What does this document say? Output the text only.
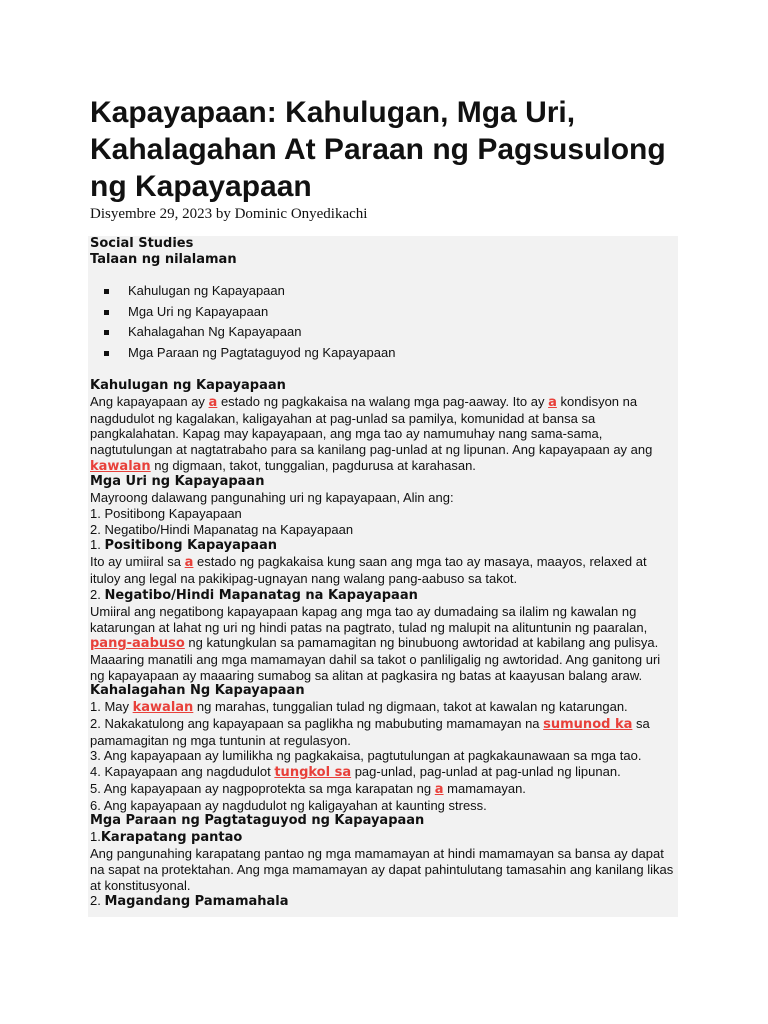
Kapayapaan: Kahulugan, Mga Uri, Kahalagahan At Paraan ng Pagsusulong ng Kapayapaan
Disyembre 29, 2023 by Dominic Onyedikachi
Social Studies
Talaan ng nilalaman
Kahulugan ng Kapayapaan
Mga Uri ng Kapayapaan
Kahalagahan Ng Kapayapaan
Mga Paraan ng Pagtataguyod ng Kapayapaan
Kahulugan ng Kapayapaan
Ang kapayapaan ay a estado ng pagkakaisa na walang mga pag-aaway. Ito ay a kondisyon na nagdudulot ng kagalakan, kaligayahan at pag-unlad sa pamilya, komunidad at bansa sa pangkalahatan. Kapag may kapayapaan, ang mga tao ay namumuhay nang sama-sama, nagtutulungan at nagtatrabaho para sa kanilang pag-unlad at ng lipunan. Ang kapayapaan ay ang kawalan ng digmaan, takot, tunggalian, pagdurusa at karahasan.
Mga Uri ng Kapayapaan
Mayroong dalawang pangunahing uri ng kapayapaan, Alin ang:
1. Positibong Kapayapaan
2. Negatibo/Hindi Mapanatag na Kapayapaan
1. Positibong Kapayapaan
Ito ay umiiral sa a estado ng pagkakaisa kung saan ang mga tao ay masaya, maayos, relaxed at ituloy ang legal na pakikipag-ugnayan nang walang pang-aabuso sa takot.
2. Negatibo/Hindi Mapanatag na Kapayapaan
Umiiral ang negatibong kapayapaan kapag ang mga tao ay dumadaing sa ilalim ng kawalan ng katarungan at lahat ng uri ng hindi patas na pagtrato, tulad ng malupit na alituntunin ng paaralan, pang-aabuso ng katungkulan sa pamamagitan ng binubuong awtoridad at kabilang ang pulisya. Maaaring manatili ang mga mamamayan dahil sa takot o panliligalig ng awtoridad. Ang ganitong uri ng kapayapaan ay maaaring sumabog sa alitan at pagkasira ng batas at kaayusan balang araw.
Kahalagahan Ng Kapayapaan
1. May kawalan ng marahas, tunggalian tulad ng digmaan, takot at kawalan ng katarungan.
2. Nakakatulong ang kapayapaan sa paglikha ng mabubuting mamamayan na sumunod ka sa pamamagitan ng mga tuntunin at regulasyon.
3. Ang kapayapaan ay lumilikha ng pagkakaisa, pagtutulungan at pagkakaunawaan sa mga tao.
4. Kapayapaan ang nagdudulot tungkol sa pag-unlad, pag-unlad at pag-unlad ng lipunan.
5. Ang kapayapaan ay nagpoprotekta sa mga karapatan ng a mamamayan.
6. Ang kapayapaan ay nagdudulot ng kaligayahan at kaunting stress.
Mga Paraan ng Pagtataguyod ng Kapayapaan
1.Karapatang pantao
Ang pangunahing karapatang pantao ng mga mamamayan at hindi mamamayan sa bansa ay dapat na sapat na protektahan. Ang mga mamamayan ay dapat pahintulutang tamasahin ang kanilang likas at konstitusyonal.
2. Magandang Pamamahala
